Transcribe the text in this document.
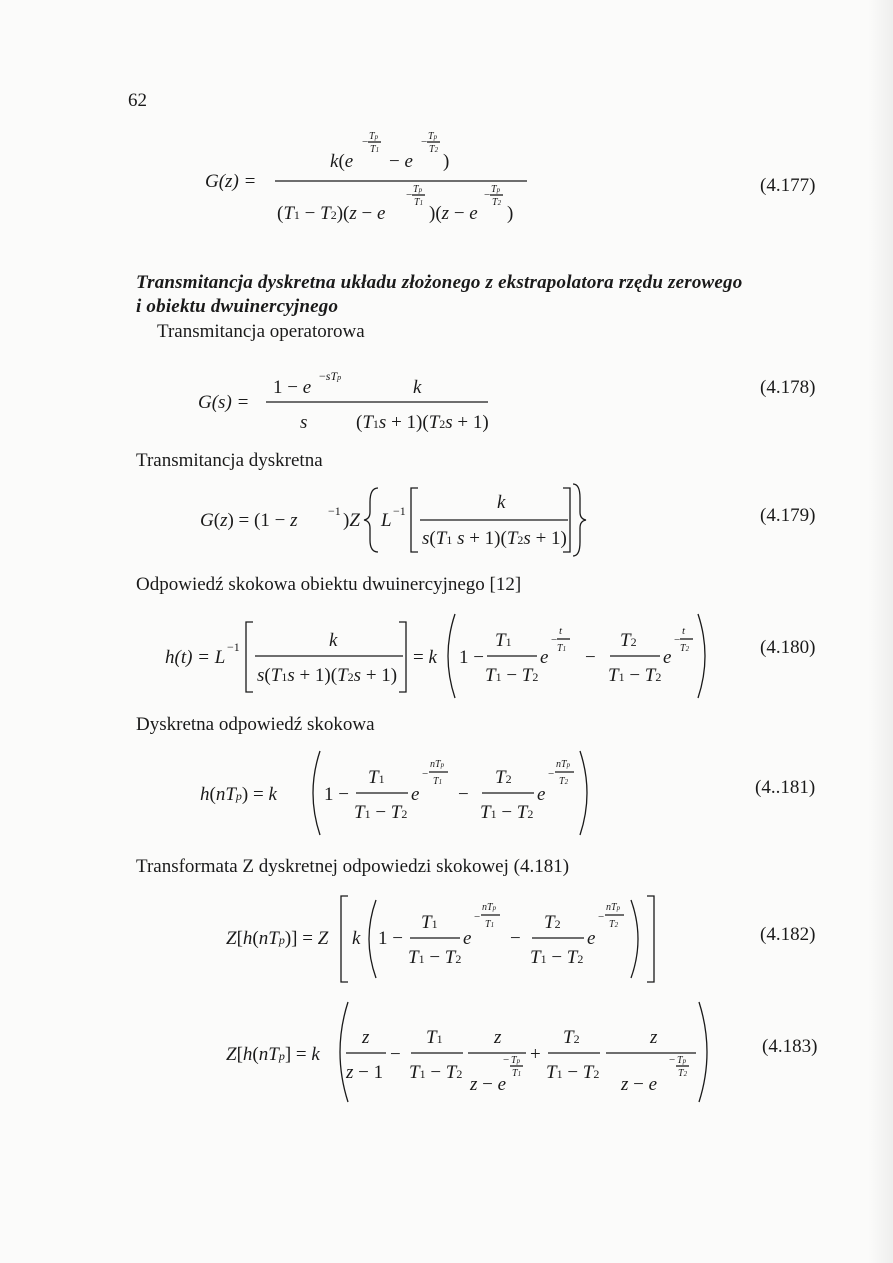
62
G(z) =
k(e
− Tp
T1
− e
− Tp
T2
)
(T1 − T2)(z − e
− Tp
T1 )(z − e
− Tp
T2 )
(4.177)
Transmitancja dyskretna układu złożonego z ekstrapolatora rzędu zerowego
i obiektu dwuinercyjnego
Transmitancja operatorowa
G(s) =
1 − e
−sTp
s
k
(T1s + 1)(T2s + 1)
(4.178)
Transmitancja dyskretna
G(z) = (1 − z	−1 )Z L −1	k
s(T1 s + 1)(T2s + 1)
(4.179)
Odpowiedź skokowa obiektu dwuinercyjnego [12]
h(t) = L −1	k
s(T1s + 1)(T2s + 1)
= k 1 −
T1
T1 − T2
e
−
t
T1 −
T2
T1 − T2
e
−
t
T2	(4.180)
Dyskretna odpowiedź skokowa
h(nTp) = k 1 −
T1
T1 − T2
e
−
nTp
T1
−
T2
T1 − T2
e
−
nTp
T2	(4..181)
Transformata Z dyskretnej odpowiedzi skokowej (4.181)
Z[h(nTp)] = Z k 1 −
T1
T1 − T2
e
−
nTp
T1
−
T2
T1 − T2
e
−
nTp
T2	(4.182)
Z[h(nTp] = k
z
z − 1
−
T1
T1 − T2
z
− Tp
T1
z − e
+
T2
T1 − T2
z
− Tp
T2
z − e
(4.183)
